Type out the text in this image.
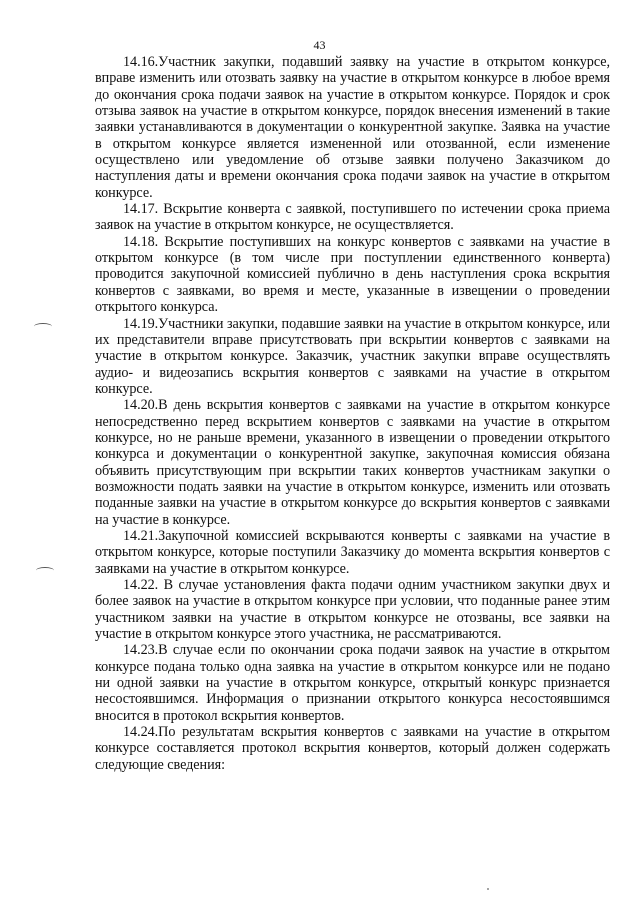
43

14.16.Участник закупки, подавший заявку на участие в открытом конкурсе, вправе изменить или отозвать заявку на участие в открытом конкурсе в любое время до окончания срока подачи заявок на участие в открытом конкурсе. Порядок и срок отзыва заявок на участие в открытом конкурсе, порядок внесения изменений в такие заявки устанавливаются в документации о конкурентной закупке. Заявка на участие в открытом конкурсе является измененной или отозванной, если изменение осуществлено или уведомление об отзыве заявки получено Заказчиком до наступления даты и времени окончания срока подачи заявок на участие в открытом конкурсе.

14.17. Вскрытие конверта с заявкой, поступившего по истечении срока приема заявок на участие в открытом конкурсе, не осуществляется.

14.18. Вскрытие поступивших на конкурс конвертов с заявками на участие в открытом конкурсе (в том числе при поступлении единственного конверта) проводится закупочной комиссией публично в день наступления срока вскрытия конвертов с заявками, во время и месте, указанные в извещении о проведении открытого конкурса.

14.19.Участники закупки, подавшие заявки на участие в открытом конкурсе, или их представители вправе присутствовать при вскрытии конвертов с заявками на участие в открытом конкурсе. Заказчик, участник закупки вправе осуществлять аудио- и видеозапись вскрытия конвертов с заявками на участие в открытом конкурсе.

14.20.В день вскрытия конвертов с заявками на участие в открытом конкурсе непосредственно перед вскрытием конвертов с заявками на участие в открытом конкурсе, но не раньше времени, указанного в извещении о проведении открытого конкурса и документации о конкурентной закупке, закупочная комиссия обязана объявить присутствующим при вскрытии таких конвертов участникам закупки о возможности подать заявки на участие в открытом конкурсе, изменить или отозвать поданные заявки на участие в открытом конкурсе до вскрытия конвертов с заявками на участие в конкурсе.

14.21.Закупочной комиссией вскрываются конверты с заявками на участие в открытом конкурсе, которые поступили Заказчику до момента вскрытия конвертов с заявками на участие в открытом конкурсе.

14.22. В случае установления факта подачи одним участником закупки двух и более заявок на участие в открытом конкурсе при условии, что поданные ранее этим участником заявки на участие в открытом конкурсе не отозваны, все заявки на участие в открытом конкурсе этого участника, не рассматриваются.

14.23.В случае если по окончании срока подачи заявок на участие в открытом конкурсе подана только одна заявка на участие в открытом конкурсе или не подано ни одной заявки на участие в открытом конкурсе, открытый конкурс признается несостоявшимся. Информация о признании открытого конкурса несостоявшимся вносится в протокол вскрытия конвертов.

14.24.По результатам вскрытия конвертов с заявками на участие в открытом конкурсе составляется протокол вскрытия конвертов, который должен содержать следующие сведения:
